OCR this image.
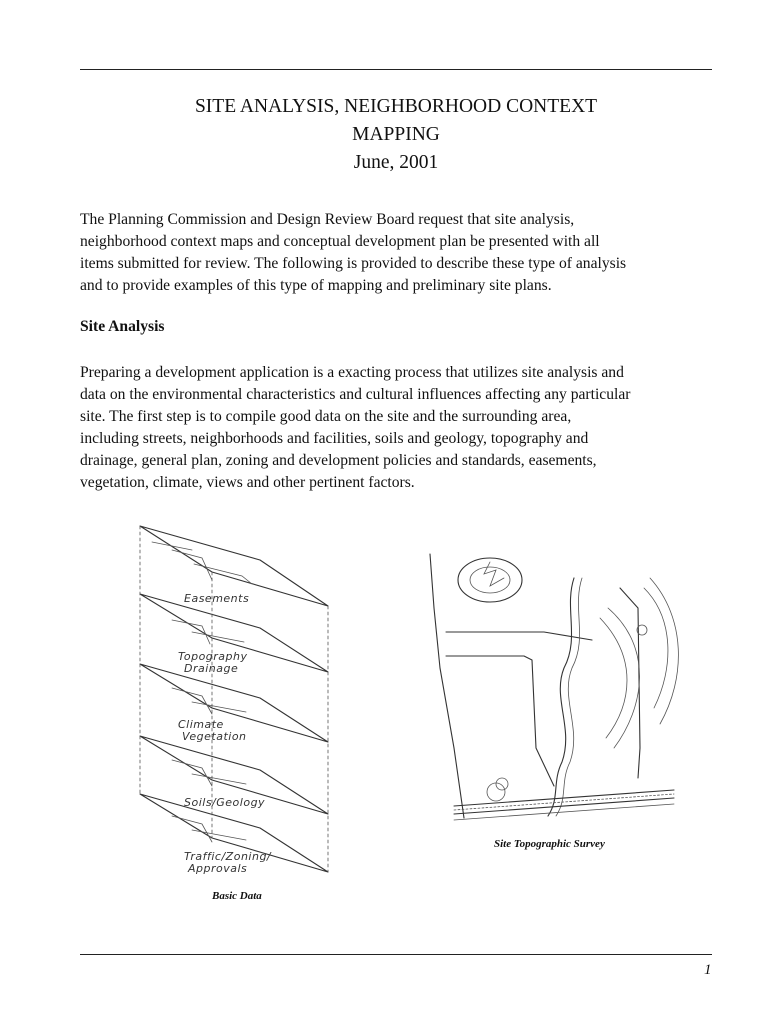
SITE ANALYSIS, NEIGHBORHOOD CONTEXT
MAPPING
June, 2001
The Planning Commission and Design Review Board request that site analysis,
neighborhood context maps and conceptual development plan be presented with all
items submitted for review. The following is provided to describe these type of analysis
and to provide examples of this type of mapping and preliminary site plans.
Site Analysis
Preparing a development application is a exacting process that utilizes site analysis and
data on the environmental characteristics and cultural influences affecting any particular
site. The first step is to compile good data on the site and the surrounding area,
including streets, neighborhoods and facilities, soils and geology, topography and
drainage, general plan, zoning and development policies and standards, easements,
vegetation, climate, views and other pertinent factors.
Easements
Topography
Drainage
Climate
Vegetation
Soils/Geology
Traffic/Zoning/
Approvals
Basic Data
Site Topographic Survey
1
